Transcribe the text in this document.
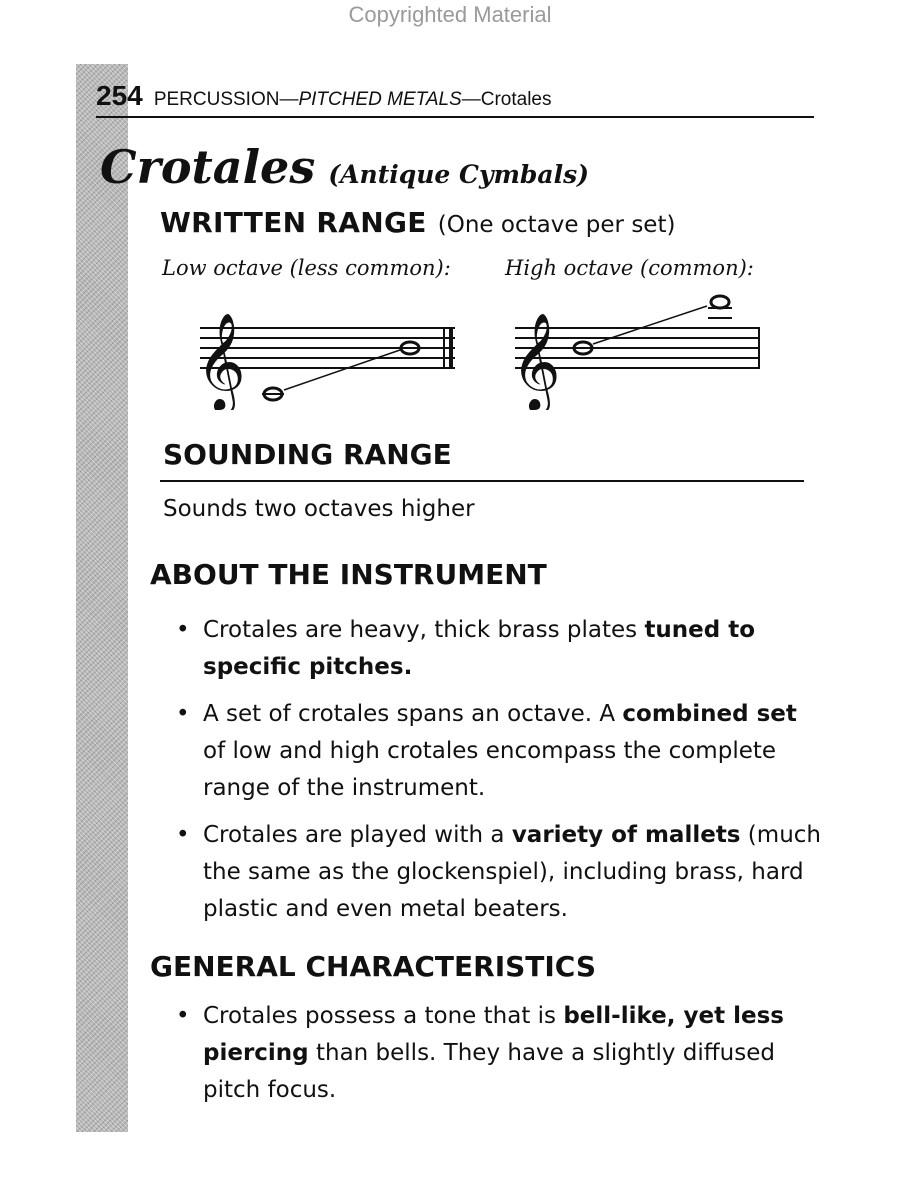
Copyrighted Material
254 PERCUSSION—PITCHED METALS—Crotales
Crotales (Antique Cymbals)
WRITTEN RANGE (One octave per set)
Low octave (less common):	High octave (common):
𝄞	𝄞
SOUNDING RANGE
Sounds two octaves higher
ABOUT THE INSTRUMENT
• Crotales are heavy, thick brass plates tuned to specific pitches.
• A set of crotales spans an octave. A combined set of low and high crotales encompass the complete range of the instrument.
• Crotales are played with a variety of mallets (much the same as the glockenspiel), including brass, hard plastic and even metal beaters.
GENERAL CHARACTERISTICS
• Crotales possess a tone that is bell-like, yet less piercing than bells. They have a slightly diffused pitch focus.
